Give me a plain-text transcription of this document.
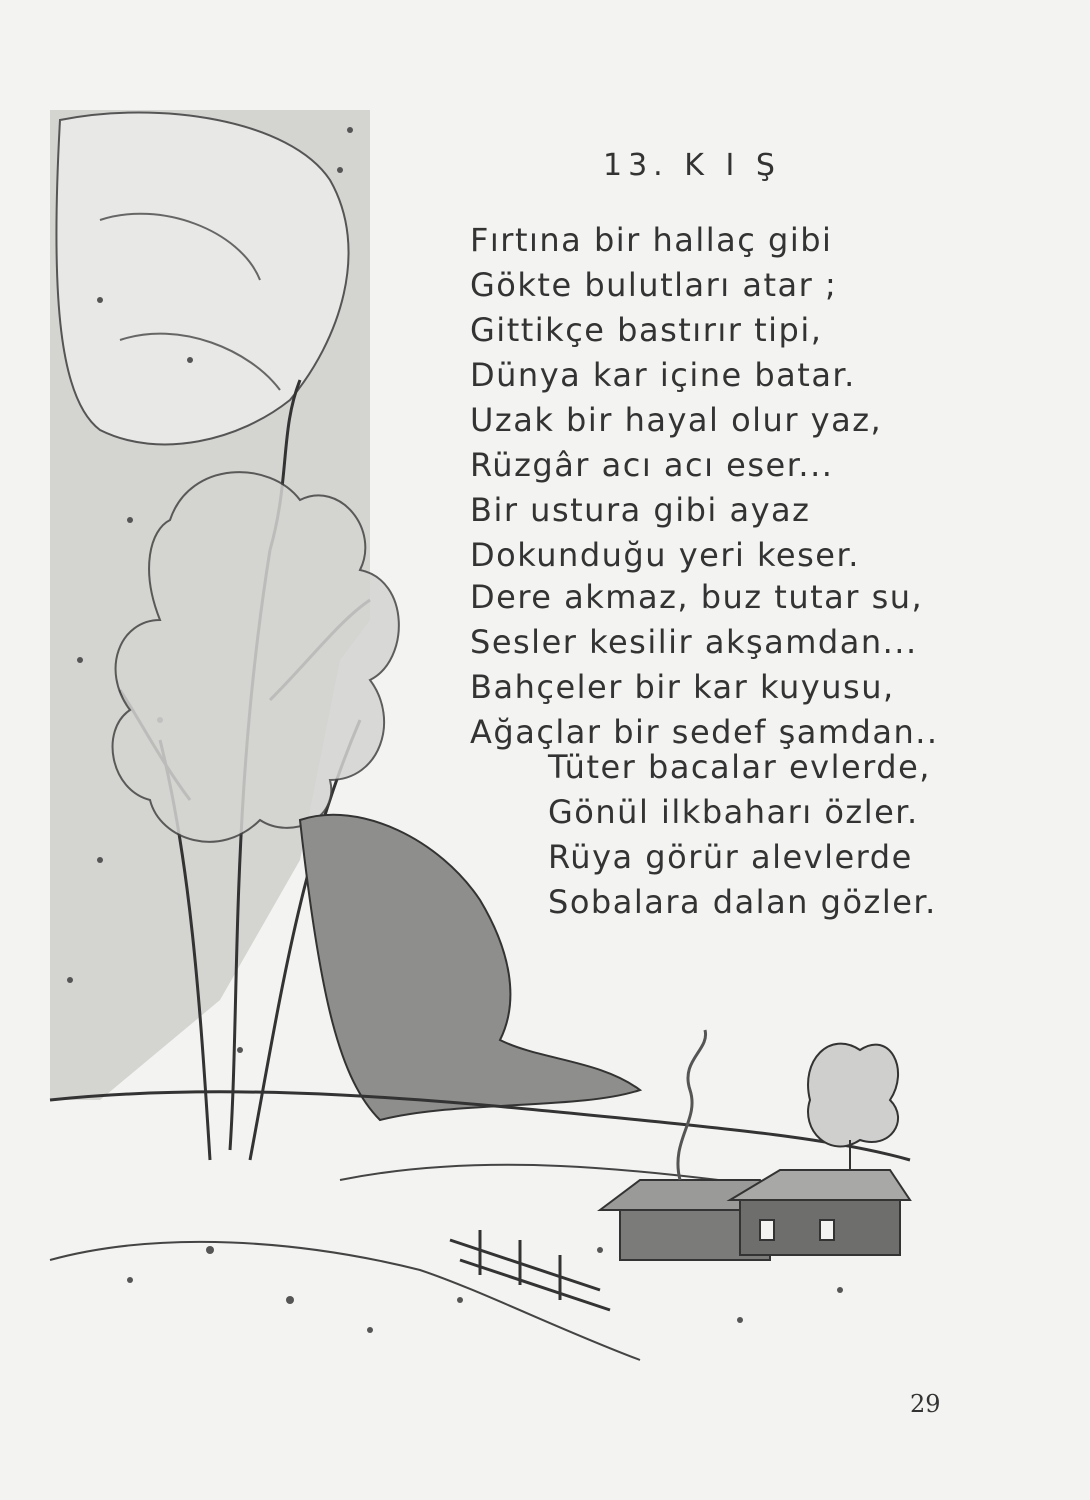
13. K I Ş
Fırtına bir hallaç gibi
Gökte bulutları atar ;
Gittikçe bastırır tipi,
Dünya kar içine batar.
Uzak bir hayal olur yaz,
Rüzgâr acı acı eser...
Bir ustura gibi ayaz
Dokunduğu yeri keser.
Dere akmaz, buz tutar su,
Sesler kesilir akşamdan...
Bahçeler bir kar kuyusu,
Ağaçlar bir sedef şamdan..
Tüter bacalar evlerde,
Gönül ilkbaharı özler.
Rüya görür alevlerde
Sobalara dalan gözler.
29
